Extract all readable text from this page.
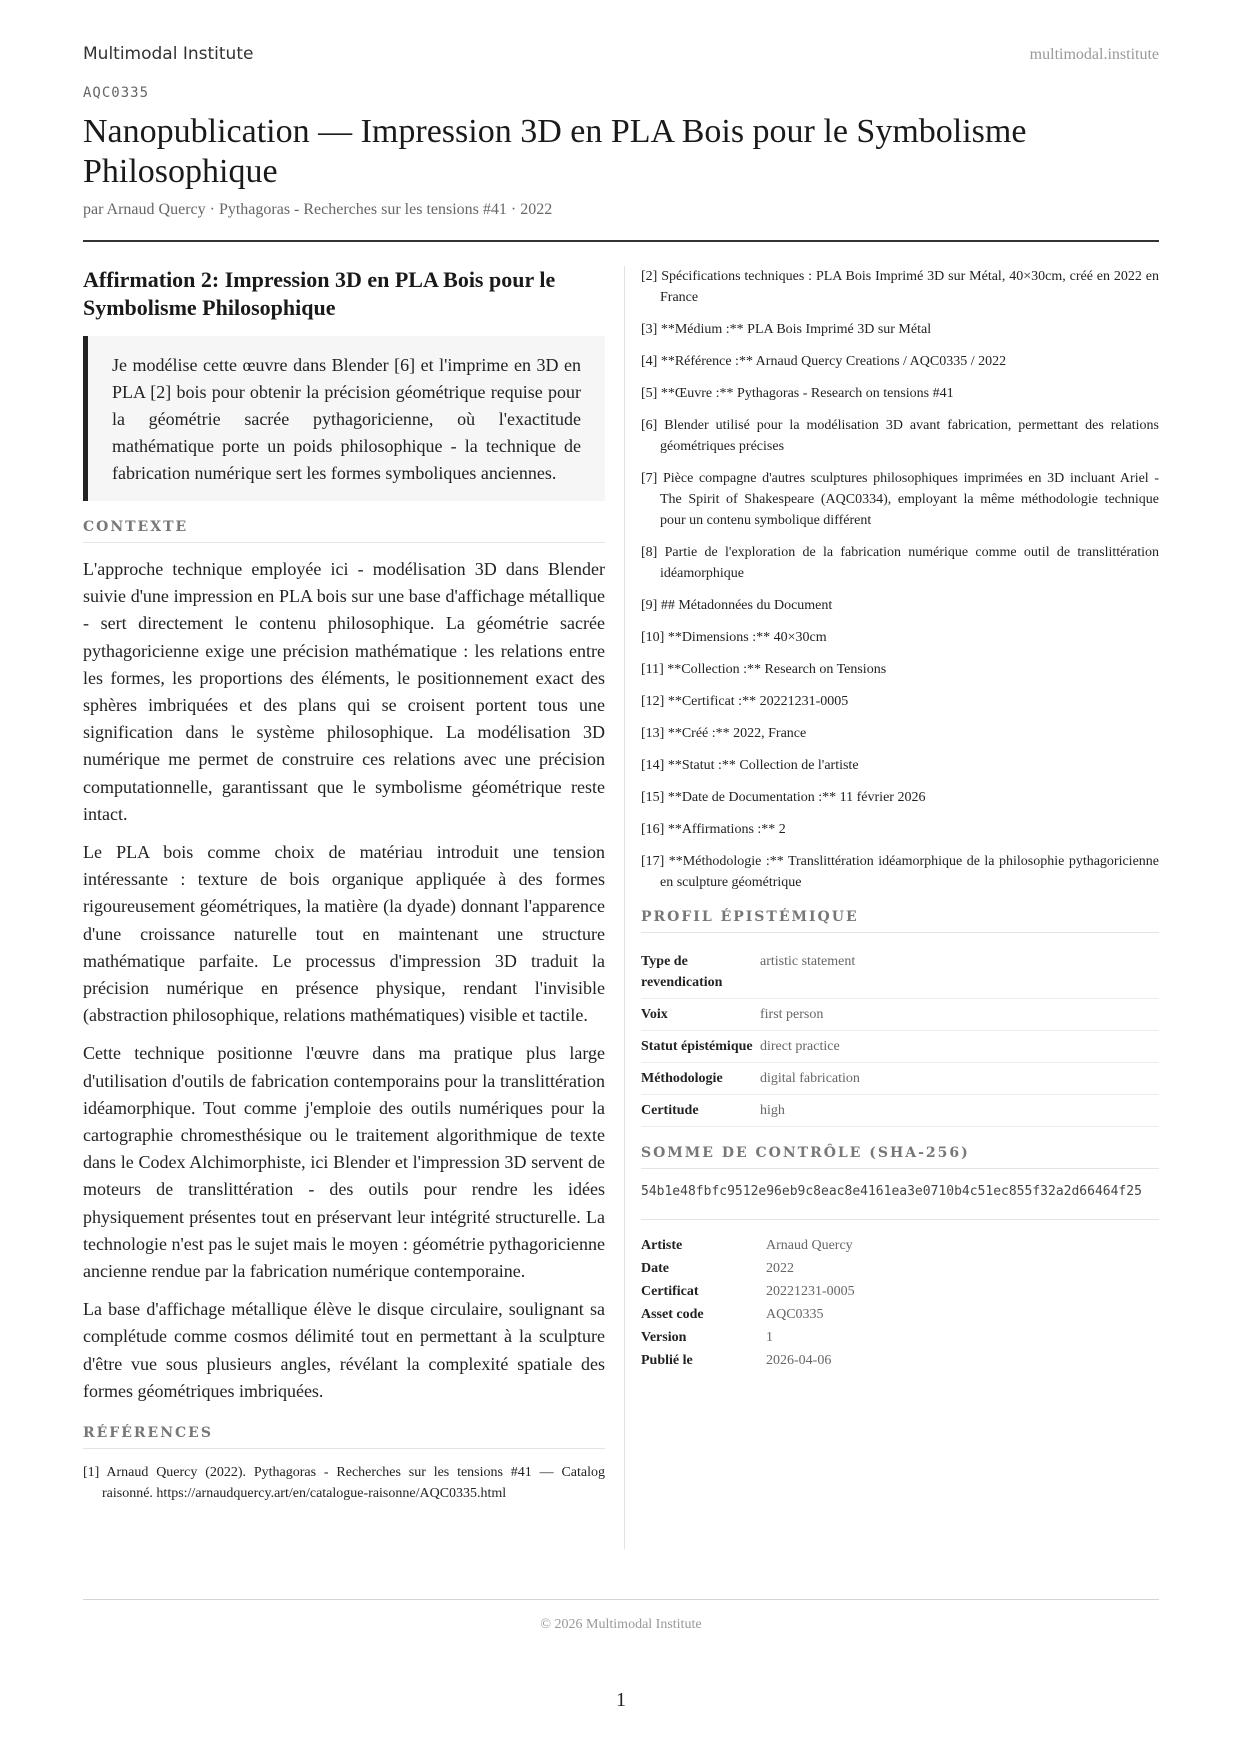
Multimodal Institute	multimodal.institute
AQC0335
Nanopublication — Impression 3D en PLA Bois pour le Symbolisme Philosophique
par Arnaud Quercy · Pythagoras - Recherches sur les tensions #41 · 2022
Affirmation 2: Impression 3D en PLA Bois pour le Symbolisme Philosophique

Je modélise cette œuvre dans Blender [6] et l'imprime en 3D en PLA [2] bois pour obtenir la précision géométrique requise pour la géométrie sacrée pythagoricienne, où l'exactitude mathématique porte un poids philosophique - la technique de fabrication numérique sert les formes symboliques anciennes.

CONTEXTE

L'approche technique employée ici - modélisation 3D dans Blender suivie d'une impression en PLA bois sur une base d'affichage métallique - sert directement le contenu philosophique. La géométrie sacrée pythagoricienne exige une précision mathématique : les relations entre les formes, les proportions des éléments, le positionnement exact des sphères imbriquées et des plans qui se croisent portent tous une signification dans le système philosophique. La modélisation 3D numérique me permet de construire ces relations avec une précision computationnelle, garantissant que le symbolisme géométrique reste intact.

Le PLA bois comme choix de matériau introduit une tension intéressante : texture de bois organique appliquée à des formes rigoureusement géométriques, la matière (la dyade) donnant l'apparence d'une croissance naturelle tout en maintenant une structure mathématique parfaite. Le processus d'impression 3D traduit la précision numérique en présence physique, rendant l'invisible (abstraction philosophique, relations mathématiques) visible et tactile.

Cette technique positionne l'œuvre dans ma pratique plus large d'utilisation d'outils de fabrication contemporains pour la translittération idéamorphique. Tout comme j'emploie des outils numériques pour la cartographie chromesthésique ou le traitement algorithmique de texte dans le Codex Alchimorphiste, ici Blender et l'impression 3D servent de moteurs de translittération - des outils pour rendre les idées physiquement présentes tout en préservant leur intégrité structurelle. La technologie n'est pas le sujet mais le moyen : géométrie pythagoricienne ancienne rendue par la fabrication numérique contemporaine.

La base d'affichage métallique élève le disque circulaire, soulignant sa complétude comme cosmos délimité tout en permettant à la sculpture d'être vue sous plusieurs angles, révélant la complexité spatiale des formes géométriques imbriquées.

RÉFÉRENCES
[1] Arnaud Quercy (2022). Pythagoras - Recherches sur les tensions #41 — Catalog raisonné. https://arnaudquercy.art/en/catalogue-raisonne/AQC0335.html
[2] Spécifications techniques : PLA Bois Imprimé 3D sur Métal, 40×30cm, créé en 2022 en France
[3] **Médium :** PLA Bois Imprimé 3D sur Métal
[4] **Référence :** Arnaud Quercy Creations / AQC0335 / 2022
[5] **Œuvre :** Pythagoras - Research on tensions #41
[6] Blender utilisé pour la modélisation 3D avant fabrication, permettant des relations géométriques précises
[7] Pièce compagne d'autres sculptures philosophiques imprimées en 3D incluant Ariel - The Spirit of Shakespeare (AQC0334), employant la même méthodologie technique pour un contenu symbolique différent
[8] Partie de l'exploration de la fabrication numérique comme outil de translittération idéamorphique
[9] ## Métadonnées du Document
[10] **Dimensions :** 40×30cm
[11] **Collection :** Research on Tensions
[12] **Certificat :** 20221231-0005
[13] **Créé :** 2022, France
[14] **Statut :** Collection de l'artiste
[15] **Date de Documentation :** 11 février 2026
[16] **Affirmations :** 2
[17] **Méthodologie :** Translittération idéamorphique de la philosophie pythagoricienne en sculpture géométrique
PROFIL ÉPISTÉMIQUE
Type de revendication	artistic statement
Voix	first person
Statut épistémique	direct practice
Méthodologie	digital fabrication
Certitude	high
SOMME DE CONTRÔLE (SHA-256)
54b1e48fbfc9512e96eb9c8eac8e4161ea3e0710b4c51ec855f32a2d66464f25
Artiste	Arnaud Quercy
Date	2022
Certificat	20221231-0005
Asset code	AQC0335
Version	1
Publié le	2026-04-06
© 2026 Multimodal Institute
1
